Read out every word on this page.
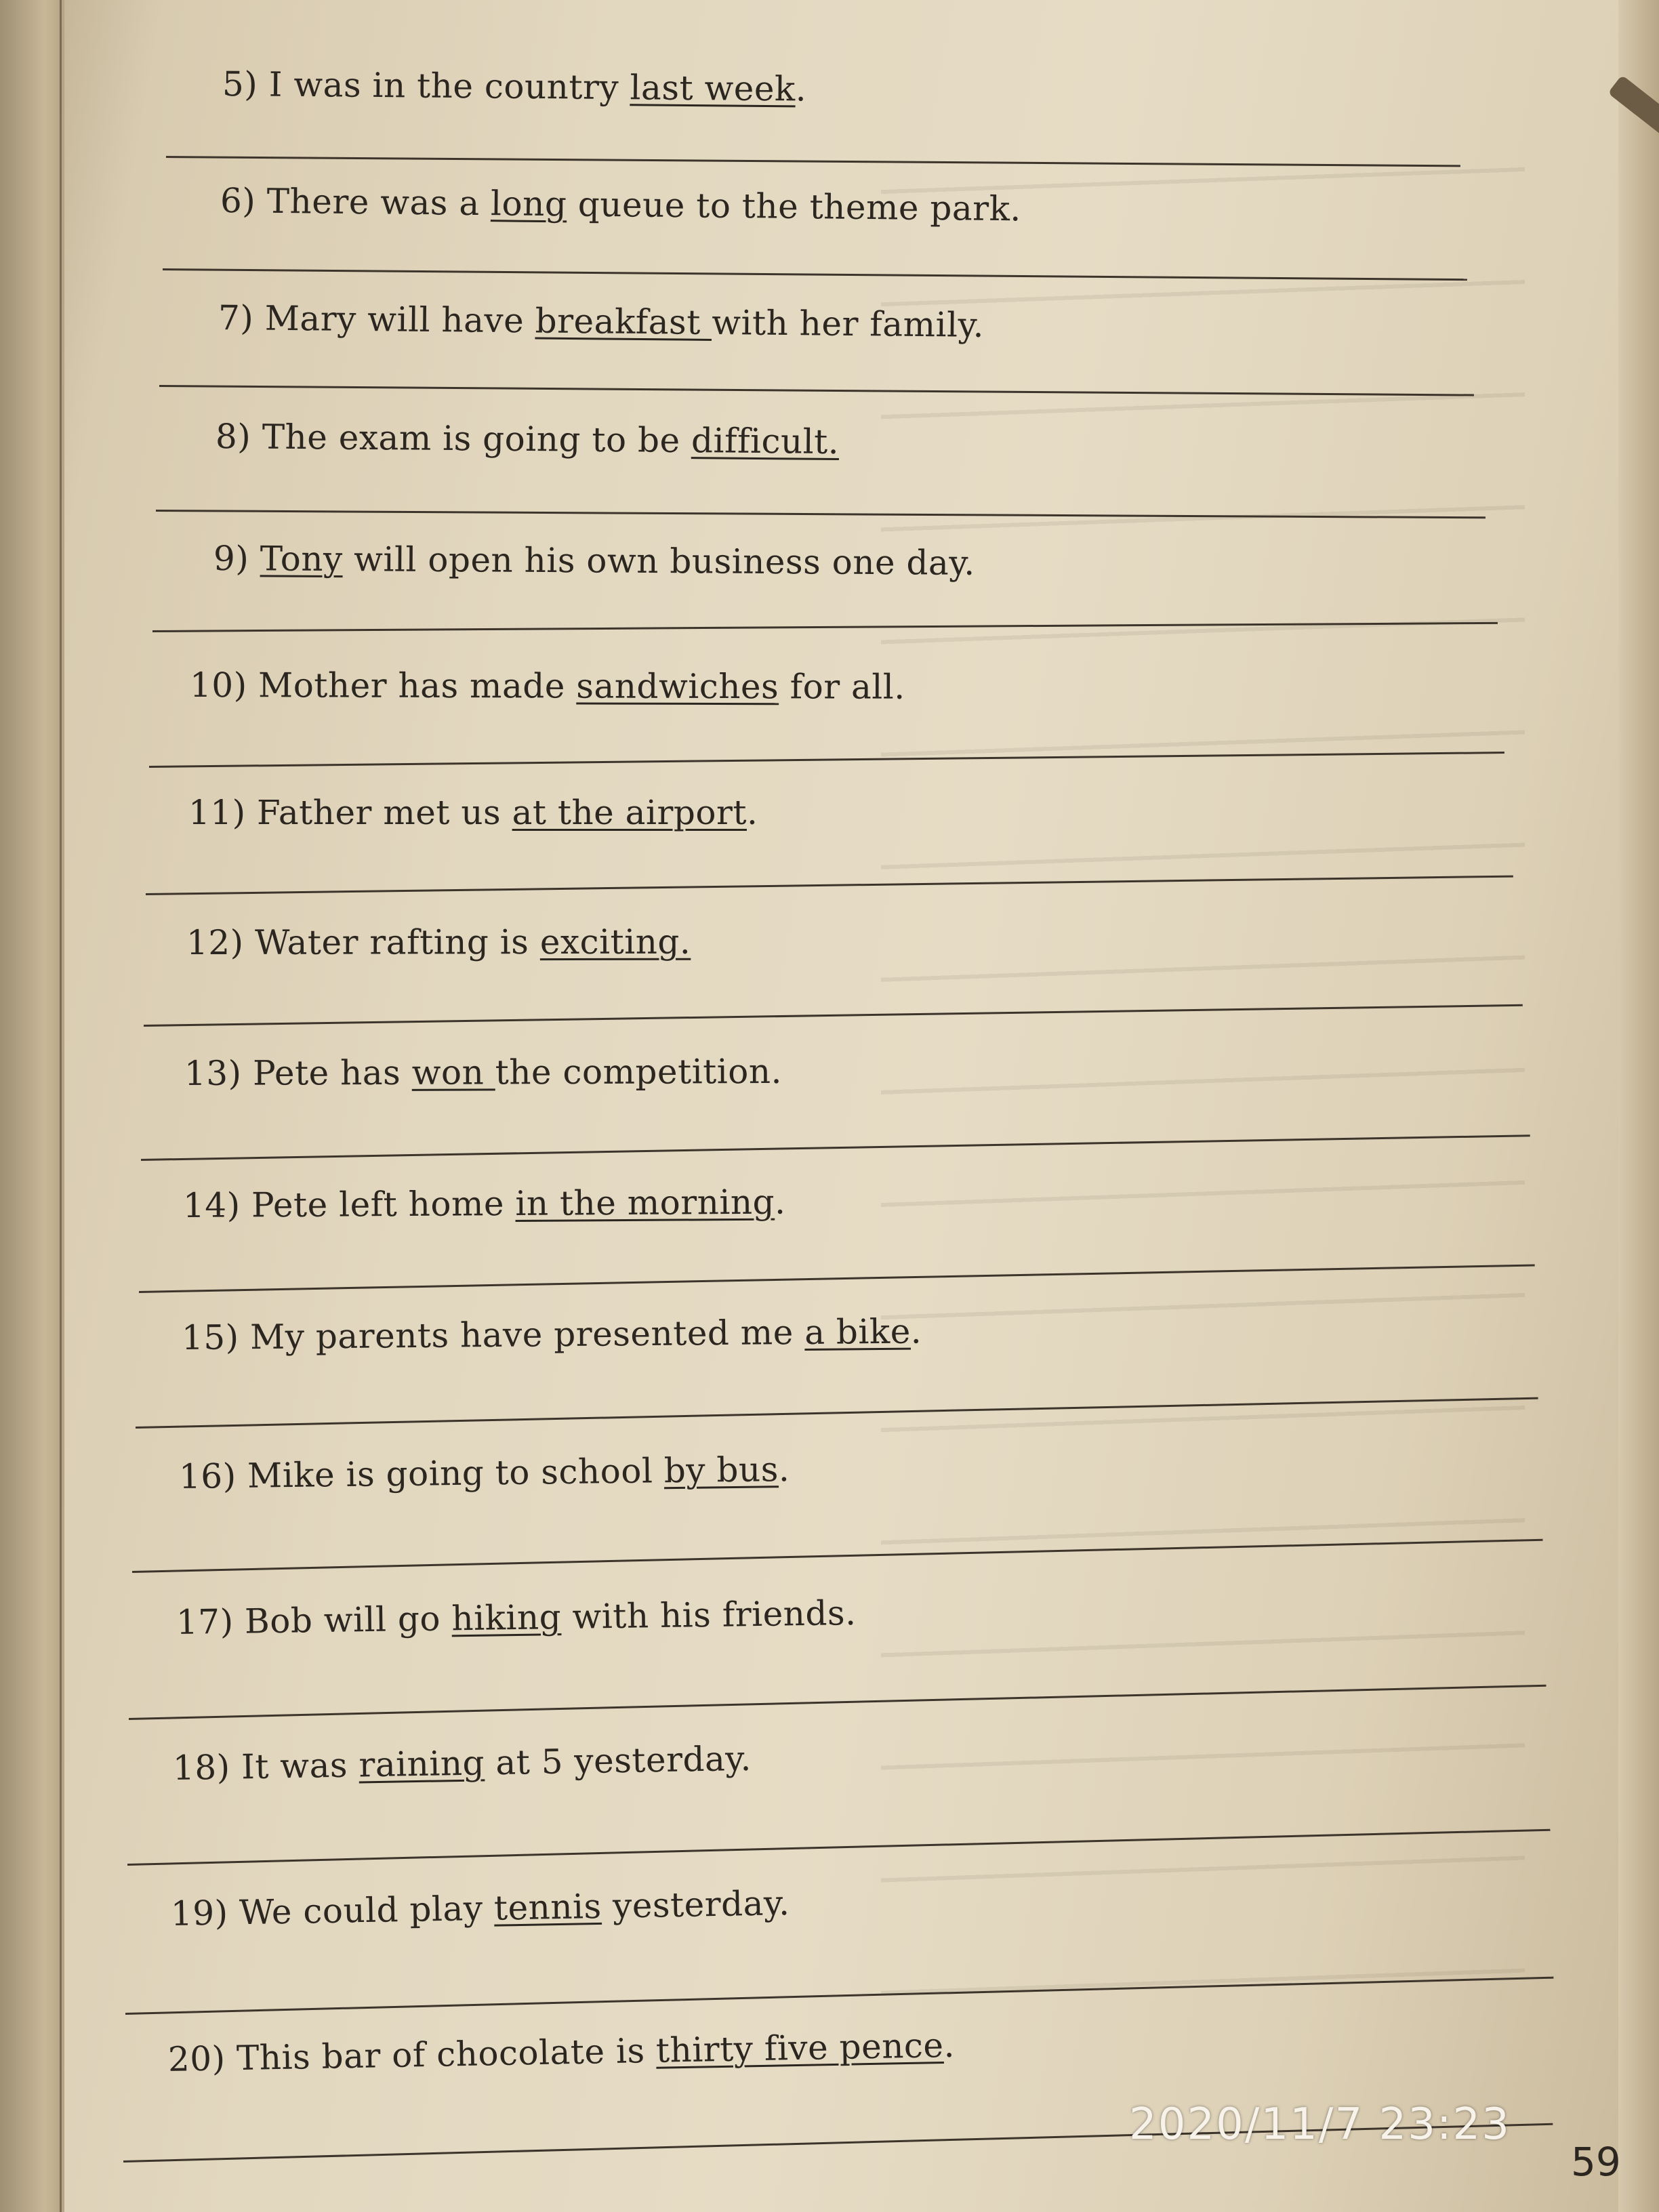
5) I was in the country last week.

6) There was a long queue to the theme park.

7) Mary will have breakfast with her family.

8) The exam is going to be difficult.

9) Tony will open his own business one day.

10) Mother has made sandwiches for all.

11) Father met us at the airport.

12) Water rafting is exciting.

13) Pete has won the competition.

14) Pete left home in the morning.

15) My parents have presented me a bike.

16) Mike is going to school by bus.

17) Bob will go hiking with his friends.

18) It was raining at 5 yesterday.

19) We could play tennis yesterday.

20) This bar of chocolate is thirty five pence.

2020/11/7 23:23
59
